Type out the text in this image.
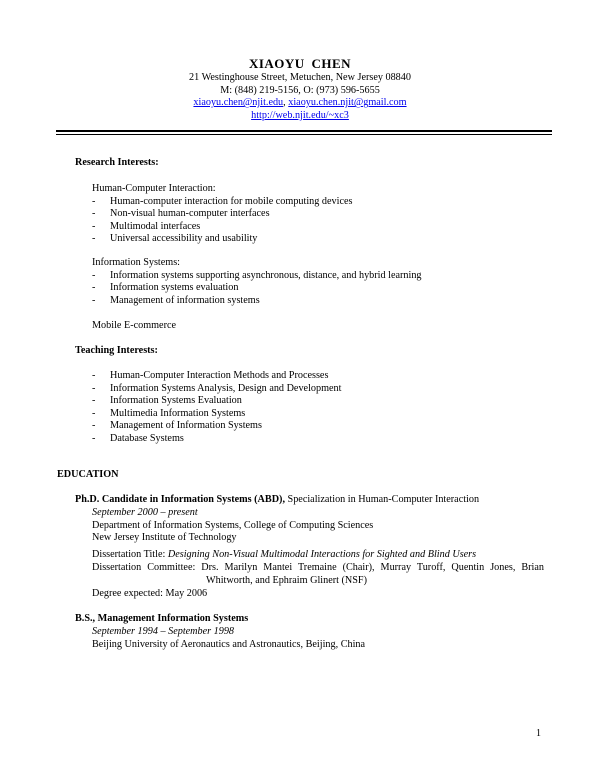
XIAOYU CHEN
21 Westinghouse Street, Metuchen, New Jersey 08840
M: (848) 219-5156, O: (973) 596-5655
xiaoyu.chen@njit.edu, xiaoyu.chen.njit@gmail.com
http://web.njit.edu/~xc3
Research Interests:
Human-Computer Interaction:
- Human-computer interaction for mobile computing devices
- Non-visual human-computer interfaces
- Multimodal interfaces
- Universal accessibility and usability
Information Systems:
- Information systems supporting asynchronous, distance, and hybrid learning
- Information systems evaluation
- Management of information systems
Mobile E-commerce
Teaching Interests:
- Human-Computer Interaction Methods and Processes
- Information Systems Analysis, Design and Development
- Information Systems Evaluation
- Multimedia Information Systems
- Management of Information Systems
- Database Systems
EDUCATION
Ph.D. Candidate in Information Systems (ABD), Specialization in Human-Computer Interaction
September 2000 – present
Department of Information Systems, College of Computing Sciences
New Jersey Institute of Technology
Dissertation Title: Designing Non-Visual Multimodal Interactions for Sighted and Blind Users
Dissertation Committee: Drs. Marilyn Mantei Tremaine (Chair), Murray Turoff, Quentin Jones, Brian
Whitworth, and Ephraim Glinert (NSF)
Degree expected: May 2006
B.S., Management Information Systems
September 1994 – September 1998
Beijing University of Aeronautics and Astronautics, Beijing, China
1
